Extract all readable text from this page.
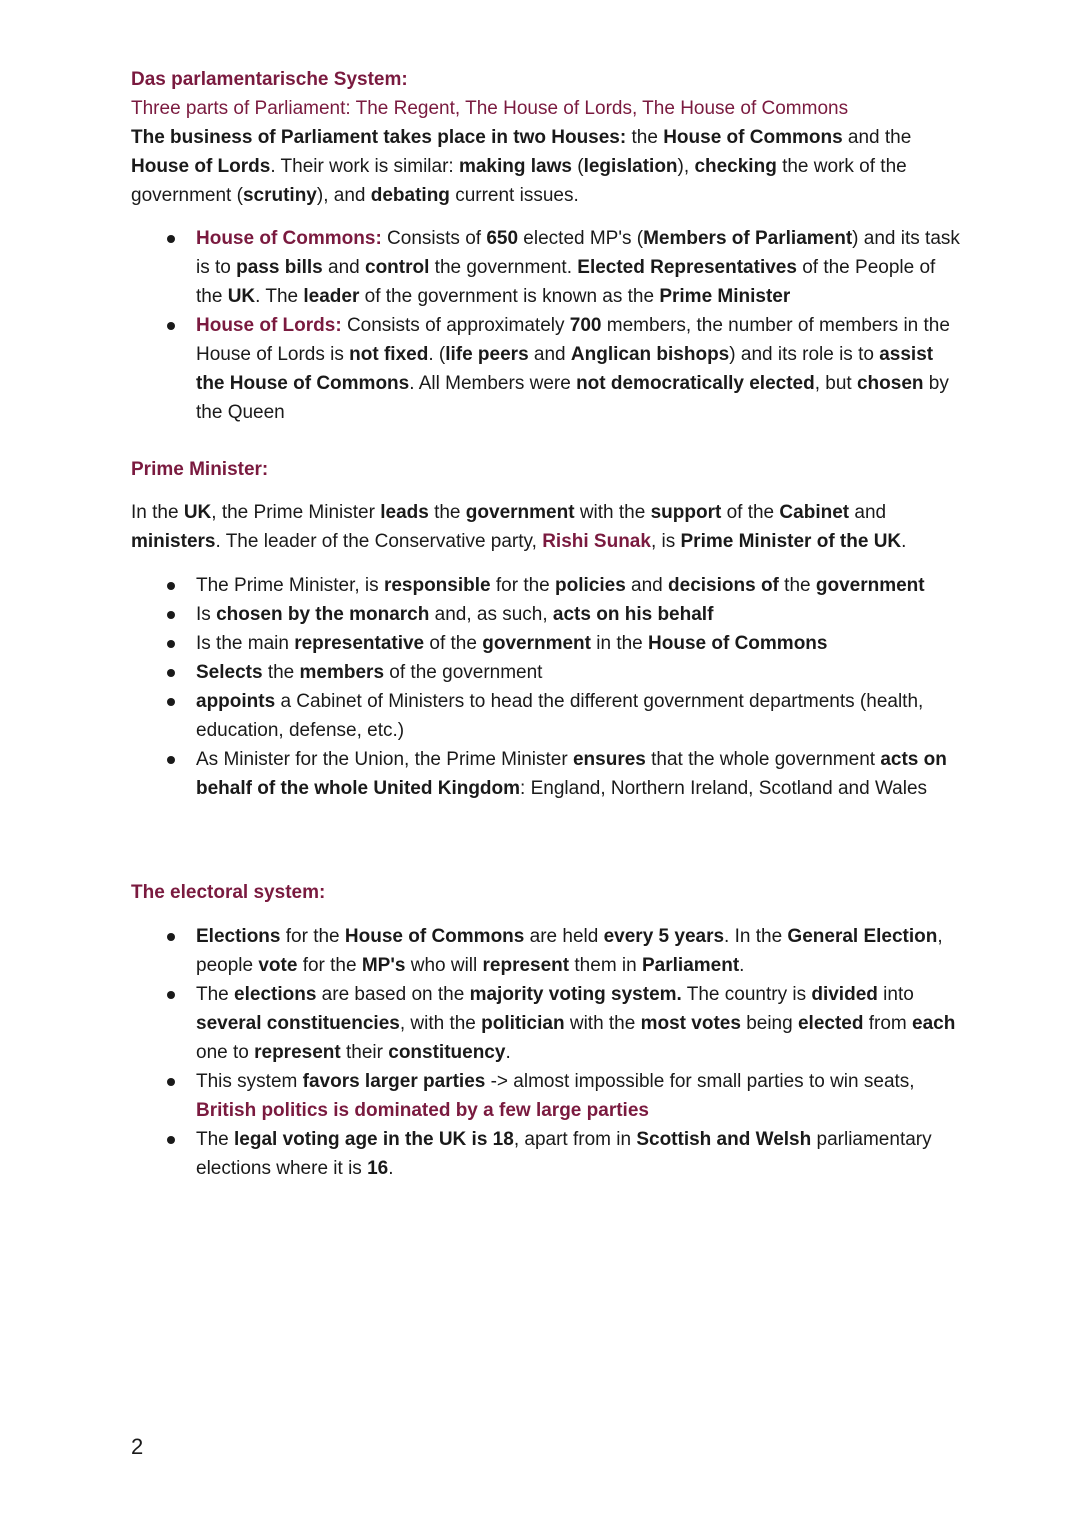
Das parlamentarische System:

Three parts of Parliament: The Regent, The House of Lords, The House of Commons

The business of Parliament takes place in two Houses: the House of Commons and the House of Lords. Their work is similar: making laws (legislation), checking the work of the government (scrutiny), and debating current issues.

House of Commons: Consists of 650 elected MP's (Members of Parliament) and its task is to pass bills and control the government. Elected Representatives of the People of the UK. The leader of the government is known as the Prime Minister
House of Lords: Consists of approximately 700 members, the number of members in the House of Lords is not fixed. (life peers and Anglican bishops) and its role is to assist the House of Commons. All Members were not democratically elected, but chosen by the Queen

Prime Minister:

In the UK, the Prime Minister leads the government with the support of the Cabinet and ministers. The leader of the Conservative party, Rishi Sunak, is Prime Minister of the UK.

The Prime Minister, is responsible for the policies and decisions of the government
Is chosen by the monarch and, as such, acts on his behalf
Is the main representative of the government in the House of Commons
Selects the members of the government
appoints a Cabinet of Ministers to head the different government departments (health, education, defense, etc.)
As Minister for the Union, the Prime Minister ensures that the whole government acts on behalf of the whole United Kingdom: England, Northern Ireland, Scotland and Wales

The electoral system:

Elections for the House of Commons are held every 5 years. In the General Election, people vote for the MP's who will represent them in Parliament.
The elections are based on the majority voting system. The country is divided into several constituencies, with the politician with the most votes being elected from each one to represent their constituency.
This system favors larger parties -> almost impossible for small parties to win seats, British politics is dominated by a few large parties
The legal voting age in the UK is 18, apart from in Scottish and Welsh parliamentary elections where it is 16.
2
